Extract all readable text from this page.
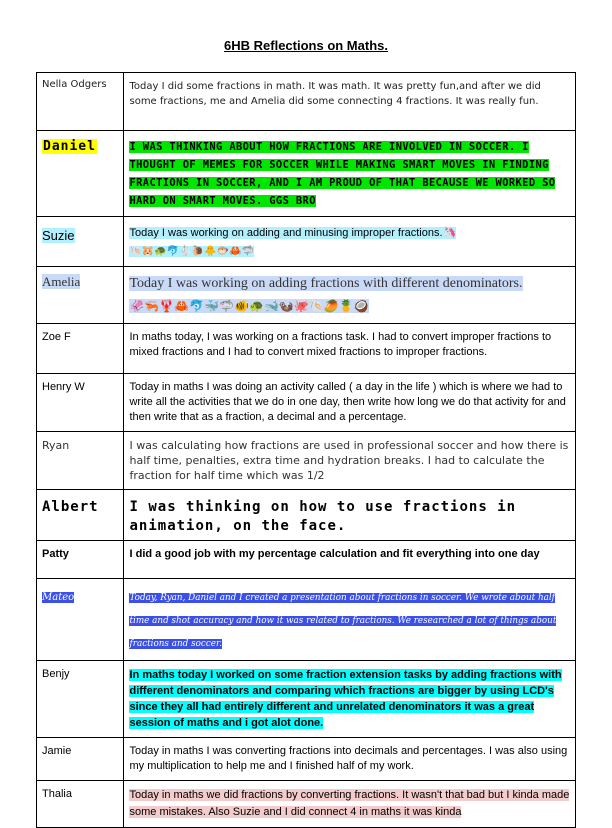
6HB Reflections on Maths.
Nella Odgers	Today I did some fractions in math. It was math. It was pretty fun,and after we did some fractions, me and Amelia did some connecting 4 fractions. It was really fun.
Daniel	I WAS THINKING ABOUT HOW FRACTIONS ARE INVOLVED IN SOCCER. I THOUGHT OF MEMES FOR SOCCER WHILE MAKING SMART MOVES IN FINDING FRACTIONS IN SOCCER, AND I AM PROUD OF THAT BECAUSE WE WORKED SO HARD ON SMART MOVES. GGS BRO
Suzie	Today I was working on adding and minusing improper fractions.🦄
🐚🐹🐢🐬🐇🐌🐥🐡🦀🦈
Amelia	Today I was working on adding fractions with different denominators.
🦑🦐🦞🦀🐬🐳🦈🐠🐢🐋🦦🐙🐚🥭🍍🥥
Zoe F	In maths today, I was working on a fractions task. I had to convert improper fractions to mixed fractions and I had to convert mixed fractions to improper fractions.
Henry W	Today in maths I was doing an activity called ( a day in the life ) which is where we had to write all the activities that we do in one day, then write how long we do that activity for and then write that as a fraction, a decimal and a percentage.
Ryan	I was calculating how fractions are used in professional soccer and how there is half time, penalties, extra time and hydration breaks. I had to calculate the fraction for half time which was 1/2
Albert	I was thinking on how to use fractions in animation, on the face.
Patty	I did a good job with my percentage calculation and fit everything into one day
Mateo	Today, Ryan, Daniel and I created a presentation about fractions in soccer. We wrote about half time and shot accuracy and how it was related to fractions. We researched a lot of things about fractions and soccer.
Benjy	In maths today I worked on some fraction extension tasks by adding fractions with different denominators and comparing which fractions are bigger by using LCD's since they all had entirely different and unrelated denominators it was a great session of maths and i got alot done.
Jamie	Today in maths I was converting fractions into decimals and percentages. I was also using my multiplication to help me and I finished half of my work.
Thalia	Today in maths we did fractions by converting fractions. It wasn't that bad but I kinda made some mistakes. Also Suzie and I did connect 4 in maths it was kinda
